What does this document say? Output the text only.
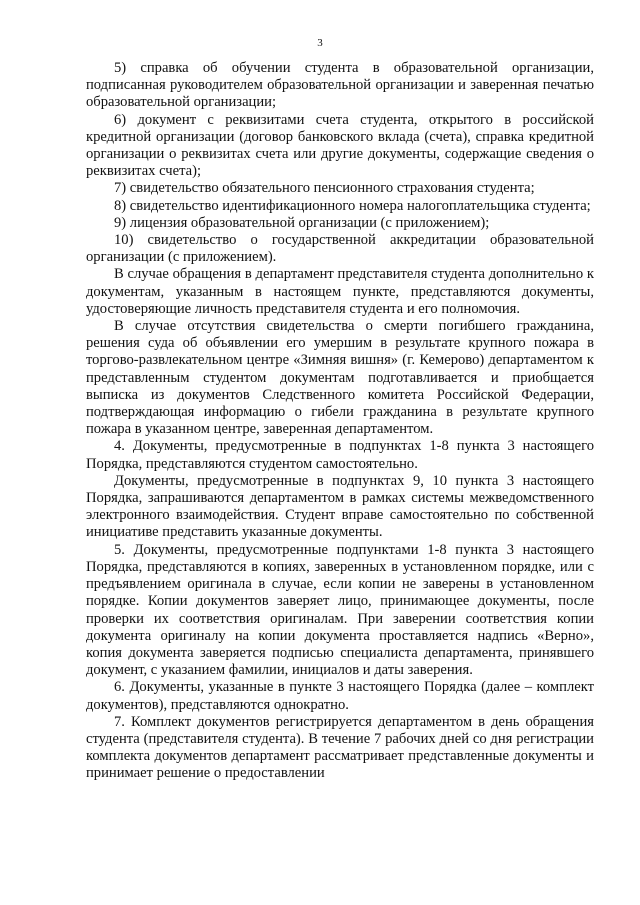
3

5) справка об обучении студента в образовательной организации, подписанная руководителем образовательной организации и заверенная печатью образовательной организации;

6) документ с реквизитами счета студента, открытого в российской кредитной организации (договор банковского вклада (счета), справка кредитной организации о реквизитах счета или другие документы, содержащие сведения о реквизитах счета);

7) свидетельство обязательного пенсионного страхования студента;

8) свидетельство идентификационного номера налогоплательщика студента;

9) лицензия образовательной организации (с приложением);

10) свидетельство о государственной аккредитации образовательной организации (с приложением).

В случае обращения в департамент представителя студента дополнительно к документам, указанным в настоящем пункте, представляются документы, удостоверяющие личность представителя студента и его полномочия.

В случае отсутствия свидетельства о смерти погибшего гражданина, решения суда об объявлении его умершим в результате крупного пожара в торгово-развлекательном центре «Зимняя вишня» (г. Кемерово) департаментом к представленным студентом документам подготавливается и приобщается выписка из документов Следственного комитета Российской Федерации, подтверждающая информацию о гибели гражданина в результате крупного пожара в указанном центре, заверенная департаментом.

4. Документы, предусмотренные в подпунктах 1-8 пункта 3 настоящего Порядка, представляются студентом самостоятельно.

Документы, предусмотренные в подпунктах 9, 10 пункта 3 настоящего Порядка, запрашиваются департаментом в рамках системы межведомственного электронного взаимодействия. Студент вправе самостоятельно по собственной инициативе представить указанные документы.

5. Документы, предусмотренные подпунктами 1-8 пункта 3 настоящего Порядка, представляются в копиях, заверенных в установленном порядке, или с предъявлением оригинала в случае, если копии не заверены в установленном порядке. Копии документов заверяет лицо, принимающее документы, после проверки их соответствия оригиналам. При заверении соответствия копии документа оригиналу на копии документа проставляется надпись «Верно», копия документа заверяется подписью специалиста департамента, принявшего документ, с указанием фамилии, инициалов и даты заверения.

6. Документы, указанные в пункте 3 настоящего Порядка (далее – комплект документов), представляются однократно.

7. Комплект документов регистрируется департаментом в день обращения студента (представителя студента). В течение 7 рабочих дней со дня регистрации комплекта документов департамент рассматривает представленные документы и принимает решение о предоставлении
